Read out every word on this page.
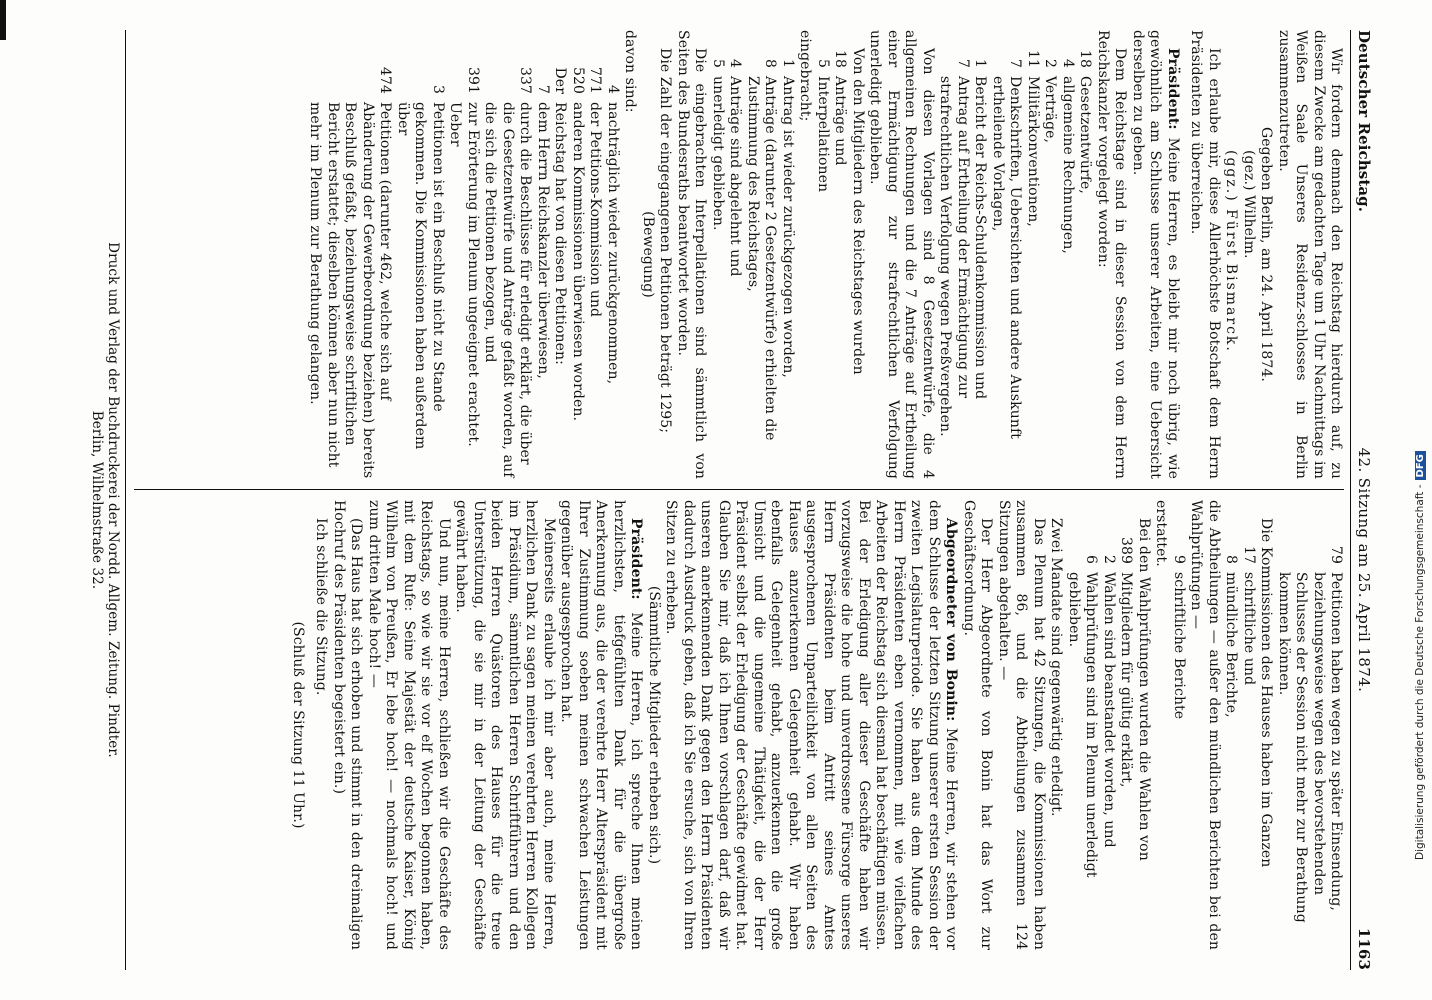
Deutscher Reichstag.
42. Sitzung am 25. April 1874.
1163

Wir fordern demnach den Reichstag hierdurch auf, zu diesem Zwecke am gedachten Tage um 1 Uhr Nachmittags im Weißen Saale Unseres Residenz-schlosses in Berlin zusammenzutreten.

Gegeben Berlin, am 24. April 1874.

(gez.) Wilhelm.

(ggz.) Fürst Bismarck.

Ich erlaube mir, diese Allerhöchste Botschaft dem Herrn Präsidenten zu überreichen.

Präsident: Meine Herren, es bleibt mir noch übrig, wie gewöhnlich am Schlusse unserer Arbeiten, eine Uebersicht derselben zu geben.

Dem Reichstage sind in dieser Session von dem Herrn Reichskanzler vorgelegt worden:

18
Gesetzentwürfe,
4
allgemeine Rechnungen,
2
Verträge,
11
Militärkonventionen,
7
Denkschriften, Uebersichten und andere Auskunft ertheilende Vorlagen,
1
Bericht der Reichs-Schuldenkommission und
7
Antrag auf Ertheilung der Ermächtigung zur strafrechtlichen Verfolgung wegen Preßvergehen.

Von diesen Vorlagen sind 8 Gesetzentwürfe, die 4 allgemeinen Rechnungen und die 7 Anträge auf Ertheilung einer Ermächtigung zur strafrechtlichen Verfolgung unerledigt geblieben.

Von den Mitgliedern des Reichstages wurden

18
Anträge und
5
Interpellationen

eingebracht;

1
Antrag ist wieder zurückgezogen worden,
8
Anträge (darunter 2 Gesetzentwürfe) erhielten die Zustimmung des Reichstages,
4
Anträge sind abgelehnt und
5
unerledigt geblieben.

Die eingebrachten Interpellationen sind sämmtlich von Seiten des Bundesraths beantwortet worden.

Die Zahl der eingegangenen Petitionen beträgt 1295;

(Bewegung)

davon sind:

4
nachträglich wieder zurückgenommen,
771
der Petitions-Kommission und
520
anderen Kommissionen überwiesen worden.
Der
Reichstag hat von diesen Petitionen:
7
dem Herrn Reichskanzler überwiesen,
337
durch die Beschlüsse für erledigt erklärt, die über die Gesetzentwürfe und Anträge gefaßt worden, auf die sich die Petitionen bezogen, und
391
zur Erörterung im Plenum ungeeignet erachtet. Ueber
3
Petitionen ist ein Beschluß nicht zu Stande gekommen. Die Kommissionen haben außerdem über
474
Petitionen (darunter 462, welche sich auf Abänderung der Gewerbeordnung beziehen) bereits Beschluß gefaßt, beziehungsweise schriftlichen Bericht erstattet; dieselben können aber nun nicht mehr im Plenum zur Berathung gelangen.
79
Petitionen haben wegen zu später Einsendung, beziehungsweise wegen des bevorstehenden Schlusses der Session nicht mehr zur Berathung kommen können.

Die Kommissionen des Hauses haben im Ganzen

17
schriftliche und
8
mündliche Berichte,

die Abtheilungen — außer den mündlichen Berichten bei den Wahlprüfungen —

9
schriftliche Berichte

erstattet.

Bei den Wahlprüfungen wurden die Wahlen von

389
Mitgliedern für gültig erklärt,
2
Wahlen sind beanstandet worden, und
6
Wahlprüfungen sind im Plenum unerledigt geblieben.

Zwei Mandate sind gegenwärtig erledigt.

Das Plenum hat 42 Sitzungen, die Kommissionen haben zusammen 86, und die Abtheilungen zusammen 124 Sitzungen abgehalten. —

Der Herr Abgeordnete von Bonin hat das Wort zur Geschäftsordnung.

Abgeordneter von Bonin: Meine Herren, wir stehen vor dem Schlusse der letzten Sitzung unserer ersten Session der zweiten Legislaturperiode. Sie haben aus dem Munde des Herrn Präsidenten eben vernommen, mit wie vielfachen Arbeiten der Reichstag sich diesmal hat beschäftigen müssen. Bei der Erledigung aller dieser Geschäfte haben wir vorzugsweise die hohe und unverdrossene Fürsorge unseres Herrn Präsidenten beim Antritt seines Amtes ausgesprochenen Unparteilichkeit von allen Seiten des Hauses anzuerkennen Gelegenheit gehabt. Wir haben ebenfalls Gelegenheit gehabt, anzuerkennen die große Umsicht und die ungemeine Thätigkeit, die der Herr Präsident selbst der Erledigung der Geschäfte gewidmet hat. Glauben Sie mir, daß ich Ihnen vorschlagen darf, daß wir unseren anerkennenden Dank gegen den Herrn Präsidenten dadurch Ausdruck geben, daß ich Sie ersuche, sich von Ihren Sitzen zu erheben.

(Sämmtliche Mitglieder erheben sich.)

Präsident: Meine Herren, ich spreche Ihnen meinen herzlichsten, tiefgefühlten Dank für die übergroße Anerkennung aus, die der verehrte Herr Alterspräsident mit Ihrer Zustimmung soeben meinen schwachen Leistungen gegenüber ausgesprochen hat.

Meinerseits erlaube ich mir aber auch, meine Herren, herzlichen Dank zu sagen meinen verehrten Herren Kollegen im Präsidium, sämmtlichen Herren Schriftführern und den beiden Herren Quästoren des Hauses für die treue Unterstützung, die sie mir in der Leitung der Geschäfte gewährt haben.

Und nun, meine Herren, schließen wir die Geschäfte des Reichstags, so wie wir sie vor elf Wochen begonnen haben, mit dem Rufe: Seine Majestät der deutsche Kaiser, König Wilhelm von Preußen, Er lebe hoch! — nochmals hoch! und zum dritten Male hoch! —

(Das Haus hat sich erhoben und stimmt in den dreimaligen Hochruf des Präsidenten begeistert ein.)

Ich schließe die Sitzung.

(Schluß der Sitzung 11 Uhr.)

Druck und Verlag der Buchdruckerei der Nordd. Allgem. Zeitung. Pindter.
Berlin, Wilhelmstraße 32.	Digitalisierung gefördert durch die Deutsche Forschungsgemeinschaft -DFG
